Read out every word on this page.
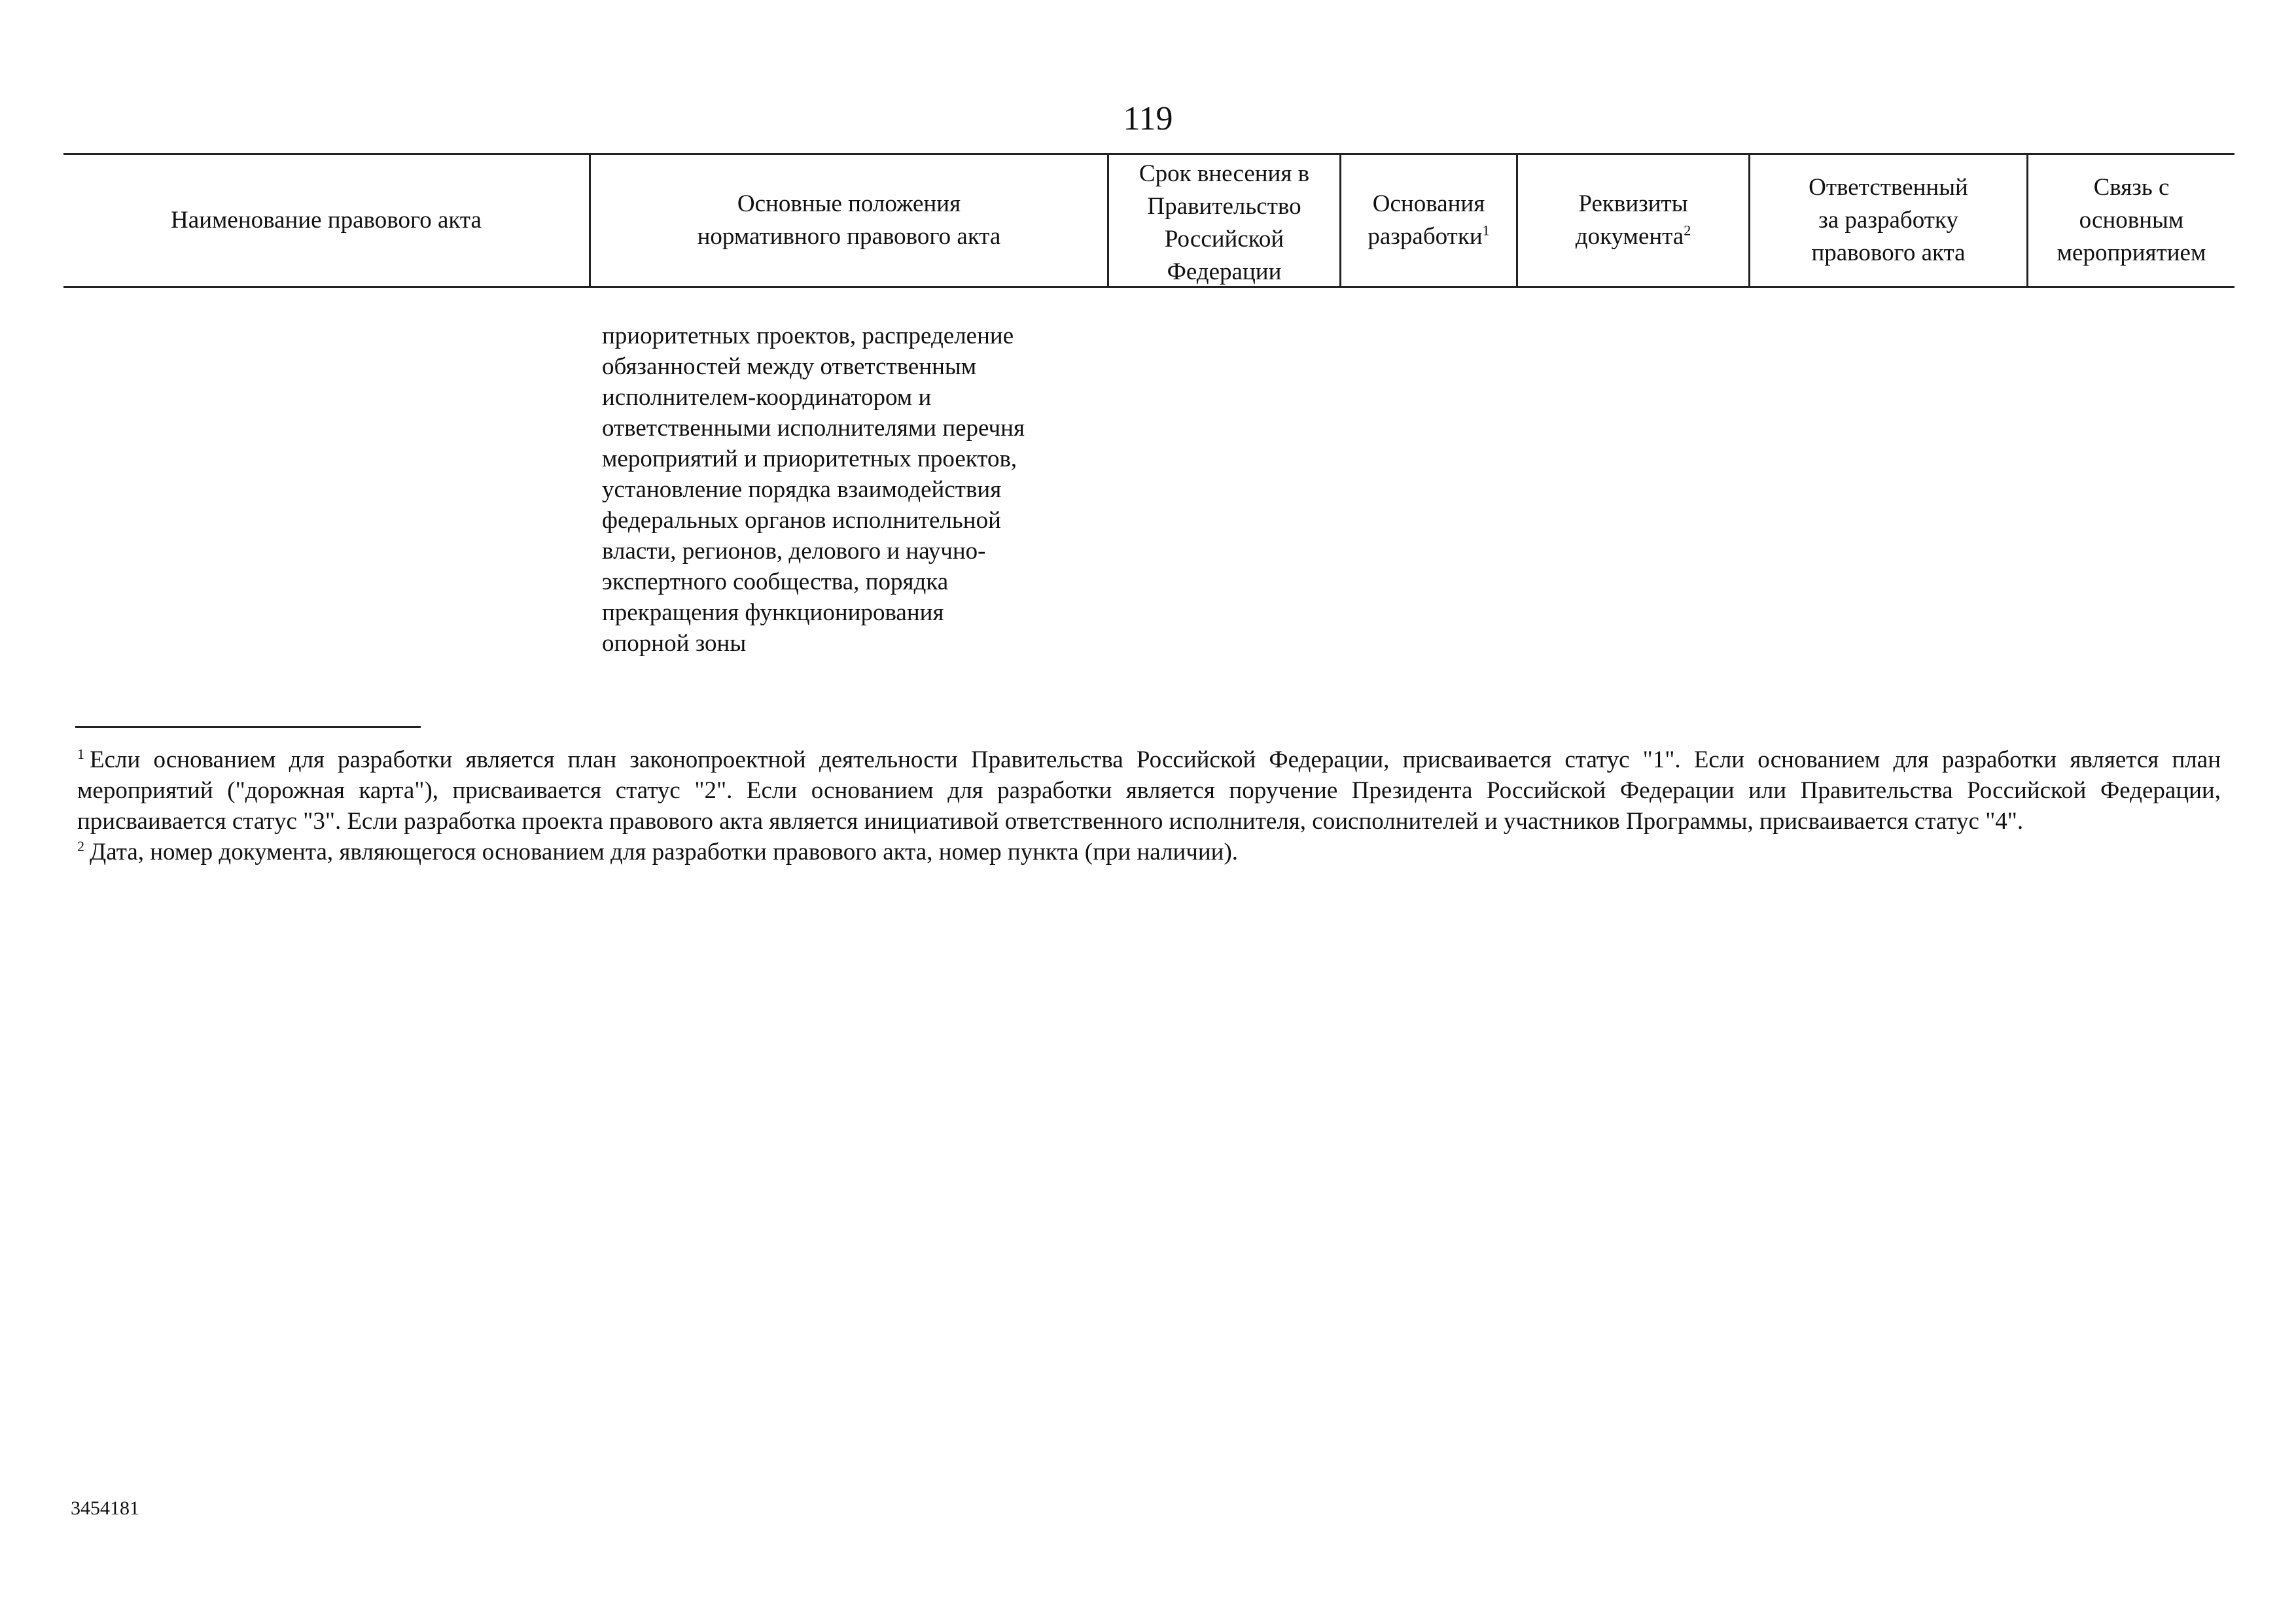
119
Наименование правового акта
Основные положения
нормативного правового акта
Срок внесения в
Правительство
Российской
Федерации
Основания
разработки$^1$
Реквизиты
документа$^2$
Ответственный
за разработку
правового акта
Связь с
основным
мероприятием
приоритетных проектов, распределение
обязанностей между ответственным
исполнителем-координатором и
ответственными исполнителями перечня
мероприятий и приоритетных проектов,
установление порядка взаимодействия
федеральных органов исполнительной
власти, регионов, делового и научно-
экспертного сообщества, порядка
прекращения функционирования
опорной зоны
$^1$ Если основанием для разработки является план законопроектной деятельности Правительства Российской Федерации, присваивается статус "1". Если основанием для разработки является план мероприятий ("дорожная карта"), присваивается статус "2". Если основанием для разработки является поручение Президента Российской Федерации или Правительства Российской Федерации, присваивается статус "3". Если разработка проекта правового акта является инициативой ответственного исполнителя, соисполнителей и участников Программы, присваивается статус "4".
$^2$ Дата, номер документа, являющегося основанием для разработки правового акта, номер пункта (при наличии).
3454181
